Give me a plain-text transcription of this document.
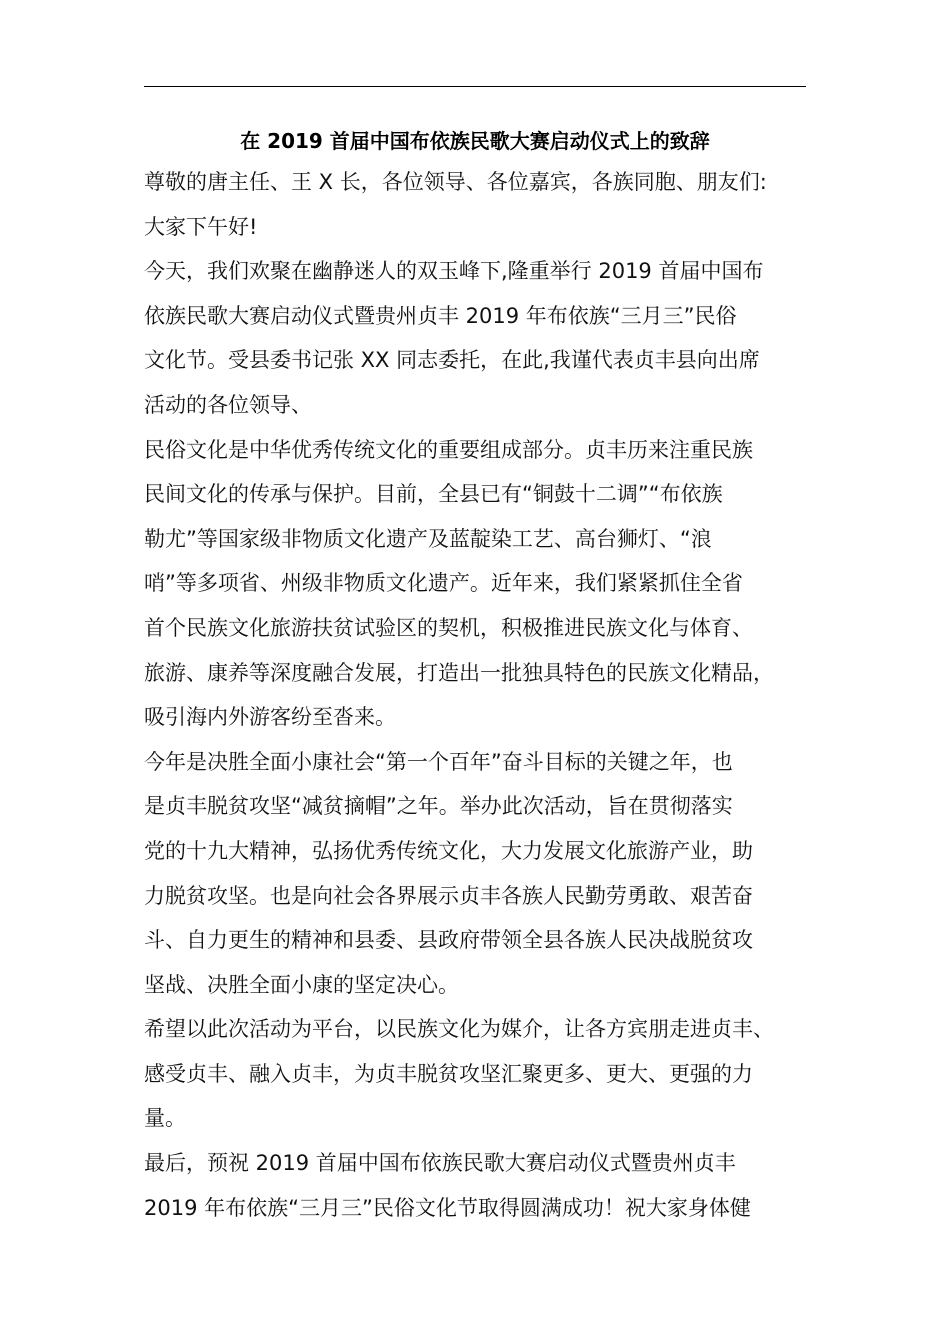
在 2019 首届中国布依族民歌大赛启动仪式上的致辞

尊敬的唐主任、王 X 长，各位领导、各位嘉宾，各族同胞、朋友们:

大家下午好!

今天，我们欢聚在幽静迷人的双玉峰下,隆重举行 2019 首届中国布
依族民歌大赛启动仪式暨贵州贞丰 2019 年布依族“三月三”民俗
文化节。受县委书记张 XX 同志委托，在此,我谨代表贞丰县向出席
活动的各位领导、

民俗文化是中华优秀传统文化的重要组成部分。贞丰历来注重民族
民间文化的传承与保护。目前，全县已有“铜鼓十二调”“布依族
勒尤”等国家级非物质文化遗产及蓝靛染工艺、高台狮灯、“浪
哨”等多项省、州级非物质文化遗产。近年来，我们紧紧抓住全省
首个民族文化旅游扶贫试验区的契机，积极推进民族文化与体育、
旅游、康养等深度融合发展，打造出一批独具特色的民族文化精品，
吸引海内外游客纷至沓来。

今年是决胜全面小康社会“第一个百年”奋斗目标的关键之年，也
是贞丰脱贫攻坚“减贫摘帽”之年。举办此次活动，旨在贯彻落实
党的十九大精神，弘扬优秀传统文化，大力发展文化旅游产业，助
力脱贫攻坚。也是向社会各界展示贞丰各族人民勤劳勇敢、艰苦奋
斗、自力更生的精神和县委、县政府带领全县各族人民决战脱贫攻
坚战、决胜全面小康的坚定决心。

希望以此次活动为平台，以民族文化为媒介，让各方宾朋走进贞丰、
感受贞丰、融入贞丰，为贞丰脱贫攻坚汇聚更多、更大、更强的力
量。

最后，预祝 2019 首届中国布依族民歌大赛启动仪式暨贵州贞丰
2019 年布依族“三月三”民俗文化节取得圆满成功！祝大家身体健
